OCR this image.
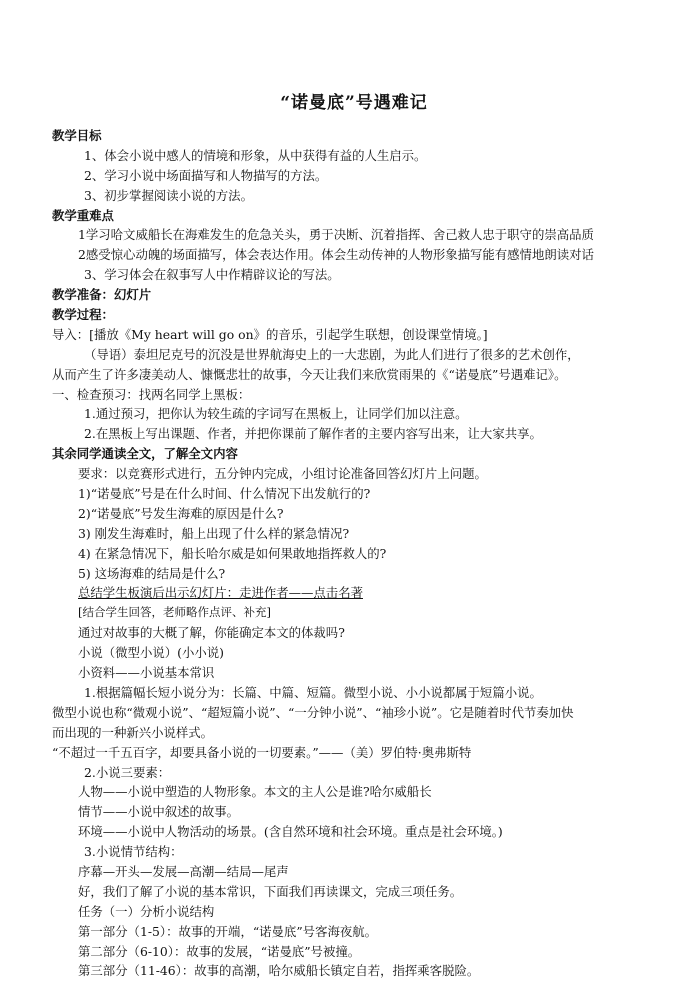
“诺曼底”号遇难记
教学目标
1、体会小说中感人的情境和形象，从中获得有益的人生启示。
2、学习小说中场面描写和人物描写的方法。
3、初步掌握阅读小说的方法。
教学重难点
1学习哈文威船长在海难发生的危急关头，勇于决断、沉着指挥、舍己救人忠于职守的崇高品质
2感受惊心动魄的场面描写，体会表达作用。体会生动传神的人物形象描写能有感情地朗读对话
3、学习体会在叙事写人中作精辟议论的写法。
教学准备：幻灯片
教学过程：
导入：[播放《My heart will go on》的音乐，引起学生联想，创设课堂情境。]
（导语）泰坦尼克号的沉没是世界航海史上的一大悲剧，为此人们进行了很多的艺术创作，
从而产生了许多凄美动人、慷慨悲壮的故事，今天让我们来欣赏雨果的《“诺曼底”号遇难记》。
一、检查预习：找两名同学上黑板：
1.通过预习，把你认为较生疏的字词写在黑板上，让同学们加以注意。
2.在黑板上写出课题、作者，并把你课前了解作者的主要内容写出来，让大家共享。
其余同学通读全文，了解全文内容
要求：以竞赛形式进行，五分钟内完成，小组讨论准备回答幻灯片上问题。
1)“诺曼底”号是在什么时间、什么情况下出发航行的?
2)“诺曼底”号发生海难的原因是什么?
3) 刚发生海难时，船上出现了什么样的紧急情况?
4) 在紧急情况下，船长哈尔威是如何果敢地指挥救人的?
5) 这场海难的结局是什么?
总结学生板演后出示幻灯片：走进作者——点击名著
[结合学生回答，老师略作点评、补充]
通过对故事的大概了解，你能确定本文的体裁吗?
小说（微型小说）(小小说)
小资料——小说基本常识
1.根据篇幅长短小说分为：长篇、中篇、短篇。微型小说、小小说都属于短篇小说。
微型小说也称“微观小说”、“超短篇小说”、“一分钟小说”、“袖珍小说”。它是随着时代节奏加快
而出现的一种新兴小说样式。
“不超过一千五百字，却要具备小说的一切要素。”——（美）罗伯特·奥弗斯特
2.小说三要素：
人物——小说中塑造的人物形象。本文的主人公是谁?哈尔威船长
情节——小说中叙述的故事。
环境——小说中人物活动的场景。(含自然环境和社会环境。重点是社会环境。)
3.小说情节结构：
序幕—开头—发展—高潮—结局—尾声
好，我们了解了小说的基本常识，下面我们再读课文，完成三项任务。
任务（一）分析小说结构
第一部分（1-5）：故事的开端，“诺曼底”号客海夜航。
第二部分（6-10）：故事的发展，“诺曼底”号被撞。
第三部分（11-46）：故事的高潮，哈尔威船长镇定自若，指挥乘客脱险。
